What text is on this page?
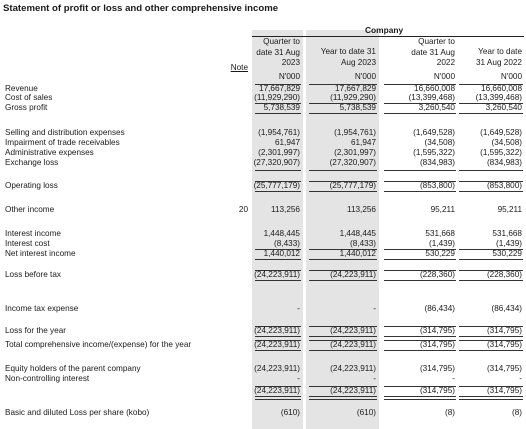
Statement of profit or loss and other comprehensive income
Company
Quarter to
date 31 Aug
2023
Year to date 31
Aug 2023
Quarter to
date 31 Aug
2022
Year to date
31 Aug 2022
Note
N'000	N'000	N'000	N'000
Revenue	17,667,829	17,667,829	16,660,008	16,660,008
Cost of sales	(11,929,290)	(11,929,290)	(13,399,468)	(13,399,468)
Gross profit	5,738,539	5,738,539	3,260,540	3,260,540
Selling and distribution expenses	(1,954,761)	(1,954,761)	(1,649,528)	(1,649,528)
Impairment of trade receivables	61,947	61,947	(34,508)	(34,508)
Administrative expenses	(2,301,997)	(2,301,997)	(1,595,322)	(1,595,322)
Exchange loss	(27,320,907)	(27,320,907)	(834,983)	(834,983)
Operating loss	(25,777,179)	(25,777,179)	(853,800)	(853,800)
Other income	20	113,256	113,256	95,211	95,211
Interest income	1,448,445	1,448,445	531,668	531,668
Interest cost	(8,433)	(8,433)	(1,439)	(1,439)
Net interest income	1,440,012	1,440,012	530,229	530,229
Loss before tax	(24,223,911)	(24,223,911)	(228,360)	(228,360)
Income tax expense	-	-	(86,434)	(86,434)
Loss for the year	(24,223,911)	(24,223,911)	(314,795)	(314,795)
Total comprehensive income/(expense) for the year	(24,223,911)	(24,223,911)	(314,795)	(314,795)
Equity holders of the parent company	(24,223,911)	(24,223,911)	(314,795)	(314,795)
Non-controlling interest	-	-	-	-
(24,223,911)	(24,223,911)	(314,795)	(314,795)
Basic and diluted Loss per share (kobo)	(610)	(610)	(8)	(8)
